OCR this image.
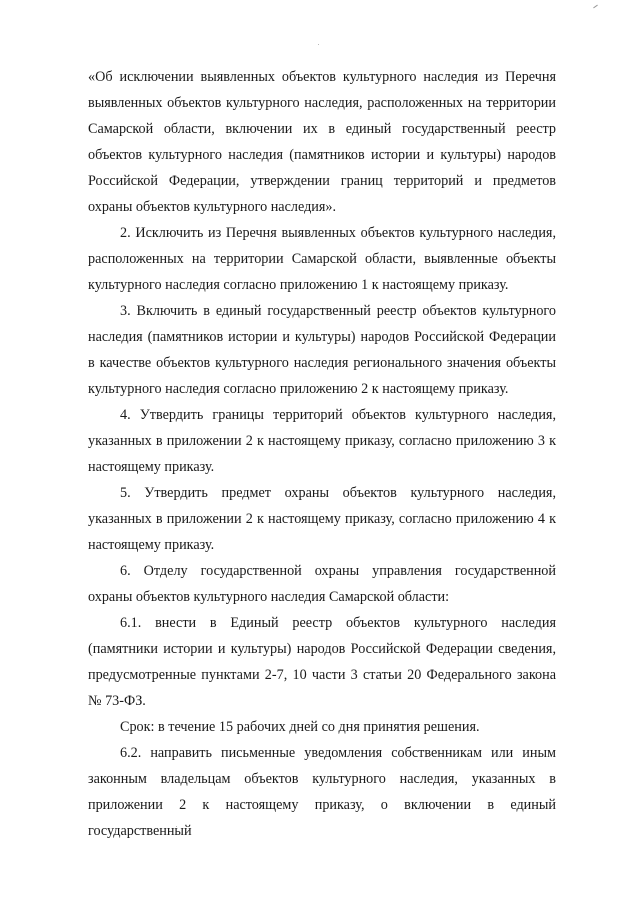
«Об исключении выявленных объектов культурного наследия из Перечня выявленных объектов культурного наследия, расположенных на территории Самарской области, включении их в единый государственный реестр объектов культурного наследия (памятников истории и культуры) народов Российской Федерации, утверждении границ территорий и предметов охраны объектов культурного наследия».

2. Исключить из Перечня выявленных объектов культурного наследия, расположенных на территории Самарской области, выявленные объекты культурного наследия согласно приложению 1 к настоящему приказу.

3. Включить в единый государственный реестр объектов культурного наследия (памятников истории и культуры) народов Российской Федерации в качестве объектов культурного наследия регионального значения объекты культурного наследия согласно приложению 2 к настоящему приказу.

4. Утвердить границы территорий объектов культурного наследия, указанных в приложении 2 к настоящему приказу, согласно приложению 3 к настоящему приказу.

5. Утвердить предмет охраны объектов культурного наследия, указанных в приложении 2 к настоящему приказу, согласно приложению 4 к настоящему приказу.

6. Отделу государственной охраны управления государственной охраны объектов культурного наследия Самарской области:

6.1. внести в Единый реестр объектов культурного наследия (памятники истории и культуры) народов Российской Федерации сведения, предусмотренные пунктами 2-7, 10 части 3 статьи 20 Федерального закона № 73-ФЗ.

Срок: в течение 15 рабочих дней со дня принятия решения.

6.2. направить письменные уведомления собственникам или иным законным владельцам объектов культурного наследия, указанных в приложении 2 к настоящему приказу, о включении в единый государственный
